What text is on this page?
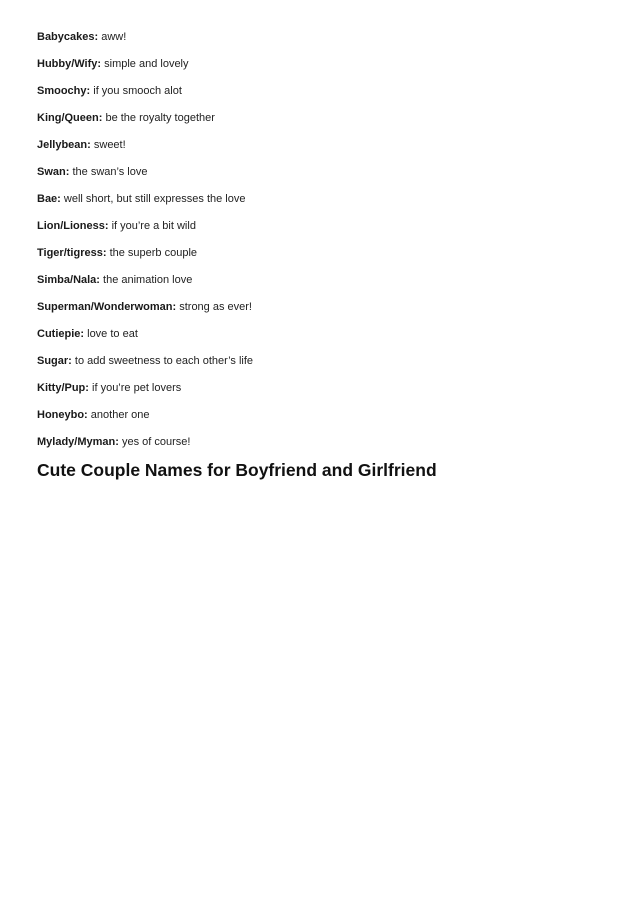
Babycakes: aww!
Hubby/Wify: simple and lovely
Smoochy: if you smooch alot
King/Queen: be the royalty together
Jellybean: sweet!
Swan: the swan’s love
Bae: well short, but still expresses the love
Lion/Lioness: if you’re a bit wild
Tiger/tigress: the superb couple
Simba/Nala: the animation love
Superman/Wonderwoman: strong as ever!
Cutiepie: love to eat
Sugar: to add sweetness to each other’s life
Kitty/Pup: if you’re pet lovers
Honeybo: another one
Mylady/Myman: yes of course!
Cute Couple Names for Boyfriend and Girlfriend
